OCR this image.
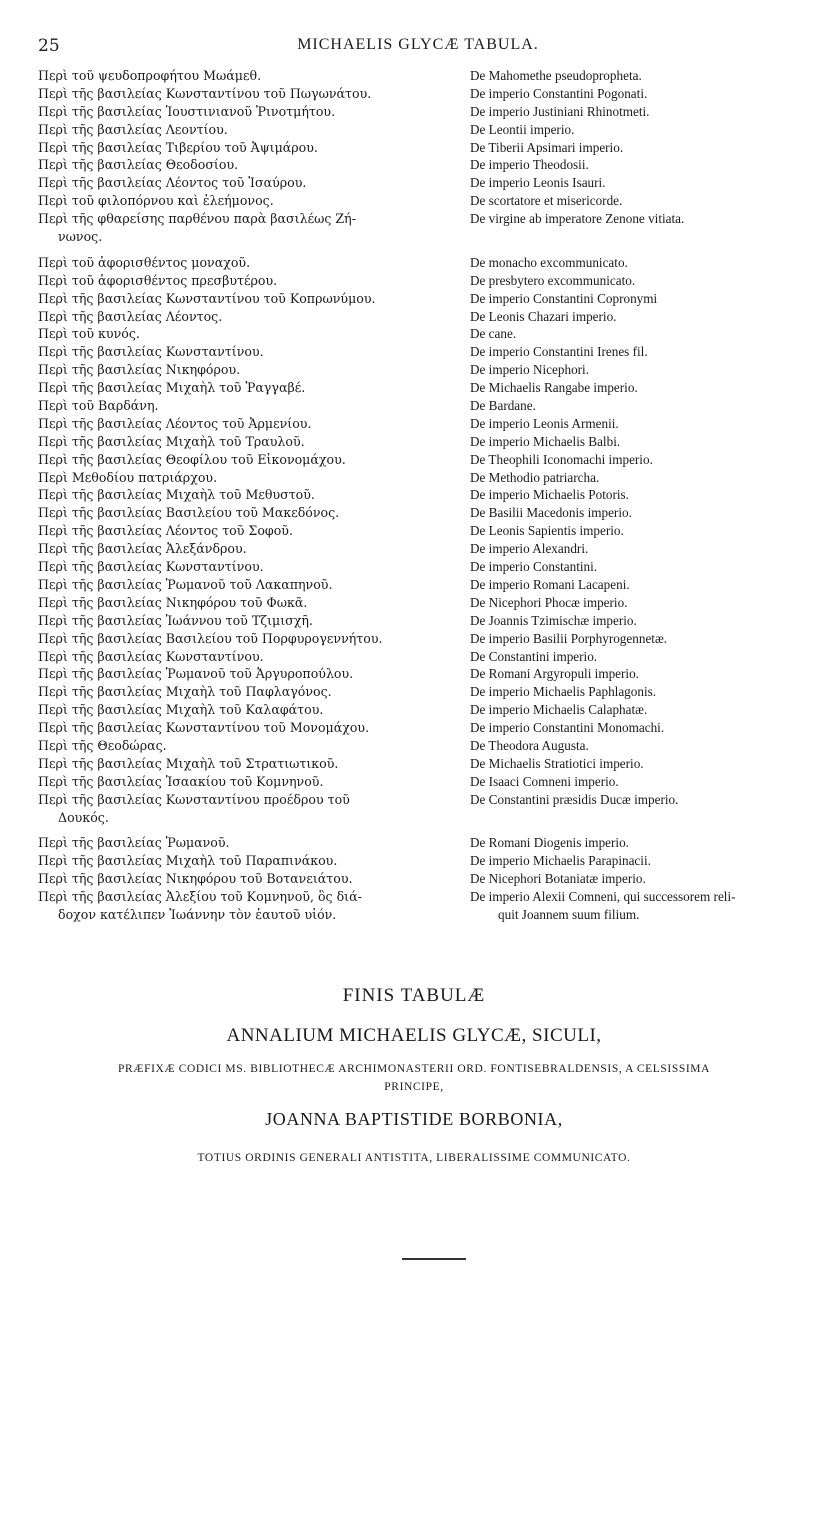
25	MICHAELIS GLYCÆ TABULA.
Περὶ τοῦ ψευδοπροφήτου Μωάμεθ.	De Mahomethe pseudopropheta.
Περὶ τῆς βασιλείας Κωνσταντίνου τοῦ Πωγωνάτου.	De imperio Constantini Pogonati.
Περὶ τῆς βασιλείας Ἰουστινιανοῦ Ῥινοτμήτου.	De imperio Justiniani Rhinotmeti.
Περὶ τῆς βασιλείας Λεοντίου.	De Leontii imperio.
Περὶ τῆς βασιλείας Τιβερίου τοῦ Ἀψιμάρου.	De Tiberii Apsimari imperio.
Περὶ τῆς βασιλείας Θεοδοσίου.	De imperio Theodosii.
Περὶ τῆς βασιλείας Λέοντος τοῦ Ἰσαύρου.	De imperio Leonis Isauri.
Περὶ τοῦ φιλοπόρνου καὶ ἐλεήμονος.	De scortatore et misericorde.
Περὶ τῆς φθαρείσης παρθένου παρὰ βασιλέως Ζή-	De virgine ab imperatore Zenone vitiata.
νωνος.
Περὶ τοῦ ἀφορισθέντος μοναχοῦ.	De monacho excommunicato.
Περὶ τοῦ ἀφορισθέντος πρεσβυτέρου.	De presbytero excommunicato.
Περὶ τῆς βασιλείας Κωνσταντίνου τοῦ Κοπρωνύμου.	De imperio Constantini Copronymi
Περὶ τῆς βασιλείας Λέοντος.	De Leonis Chazari imperio.
Περὶ τοῦ κυνός.	De cane.
Περὶ τῆς βασιλείας Κωνσταντίνου.	De imperio Constantini Irenes fil.
Περὶ τῆς βασιλείας Νικηφόρου.	De imperio Nicephori.
Περὶ τῆς βασιλείας Μιχαὴλ τοῦ Ῥαγγαβέ.	De Michaelis Rangabe imperio.
Περὶ τοῦ Βαρδάνη.	De Bardane.
Περὶ τῆς βασιλείας Λέοντος τοῦ Ἀρμενίου.	De imperio Leonis Armenii.
Περὶ τῆς βασιλείας Μιχαὴλ τοῦ Τραυλοῦ.	De imperio Michaelis Balbi.
Περὶ τῆς βασιλείας Θεοφίλου τοῦ Εἰκονομάχου.	De Theophili Iconomachi imperio.
Περὶ Μεθοδίου πατριάρχου.	De Methodio patriarcha.
Περὶ τῆς βασιλείας Μιχαὴλ τοῦ Μεθυστοῦ.	De imperio Michaelis Potoris.
Περὶ τῆς βασιλείας Βασιλείου τοῦ Μακεδόνος.	De Basilii Macedonis imperio.
Περὶ τῆς βασιλείας Λέοντος τοῦ Σοφοῦ.	De Leonis Sapientis imperio.
Περὶ τῆς βασιλείας Ἀλεξάνδρου.	De imperio Alexandri.
Περὶ τῆς βασιλείας Κωνσταντίνου.	De imperio Constantini.
Περὶ τῆς βασιλείας Ῥωμανοῦ τοῦ Λακαπηνοῦ.	De imperio Romani Lacapeni.
Περὶ τῆς βασιλείας Νικηφόρου τοῦ Φωκᾶ.	De Nicephori Phocæ imperio.
Περὶ τῆς βασιλείας Ἰωάννου τοῦ Τζιμισχῆ.	De Joannis Tzimischæ imperio.
Περὶ τῆς βασιλείας Βασιλείου τοῦ Πορφυρογεννήτου.	De imperio Basilii Porphyrogennetæ.
Περὶ τῆς βασιλείας Κωνσταντίνου.	De Constantini imperio.
Περὶ τῆς βασιλείας Ῥωμανοῦ τοῦ Ἀργυροπούλου.	De Romani Argyropuli imperio.
Περὶ τῆς βασιλείας Μιχαὴλ τοῦ Παφλαγόνος.	De imperio Michaelis Paphlagonis.
Περὶ τῆς βασιλείας Μιχαὴλ τοῦ Καλαφάτου.	De imperio Michaelis Calaphatæ.
Περὶ τῆς βασιλείας Κωνσταντίνου τοῦ Μονομάχου.	De imperio Constantini Monomachi.
Περὶ τῆς Θεοδώρας.	De Theodora Augusta.
Περὶ τῆς βασιλείας Μιχαὴλ τοῦ Στρατιωτικοῦ.	De Michaelis Stratiotici imperio.
Περὶ τῆς βασιλείας Ἰσαακίου τοῦ Κομνηνοῦ.	De Isaaci Comneni imperio.
Περὶ τῆς βασιλείας Κωνσταντίνου προέδρου τοῦ	De Constantini præsidis Ducæ imperio.
Δουκός.
Περὶ τῆς βασιλείας Ῥωμανοῦ.	De Romani Diogenis imperio.
Περὶ τῆς βασιλείας Μιχαὴλ τοῦ Παραπινάκου.	De imperio Michaelis Parapinacii.
Περὶ τῆς βασιλείας Νικηφόρου τοῦ Βοτανειάτου.	De Nicephori Botaniatæ imperio.
Περὶ τῆς βασιλείας Ἀλεξίου τοῦ Κομνηνοῦ, ὃς διά-	De imperio Alexii Comneni, qui successorem reli-
δοχον κατέλιπεν Ἰωάννην τὸν ἑαυτοῦ υἱόν.	quit Joannem suum filium.
FINIS TABULÆ
ANNALIUM MICHAELIS GLYCÆ, SICULI,
PRÆFIXÆ CODICI MS. BIBLIOTHECÆ ARCHIMONASTERII ORD. FONTISEBRALDENSIS, A CELSISSIMA
PRINCIPE,
JOANNA BAPTISTIDE BORBONIA,
TOTIUS ORDINIS GENERALI ANTISTITA, LIBERALISSIME COMMUNICATO.
